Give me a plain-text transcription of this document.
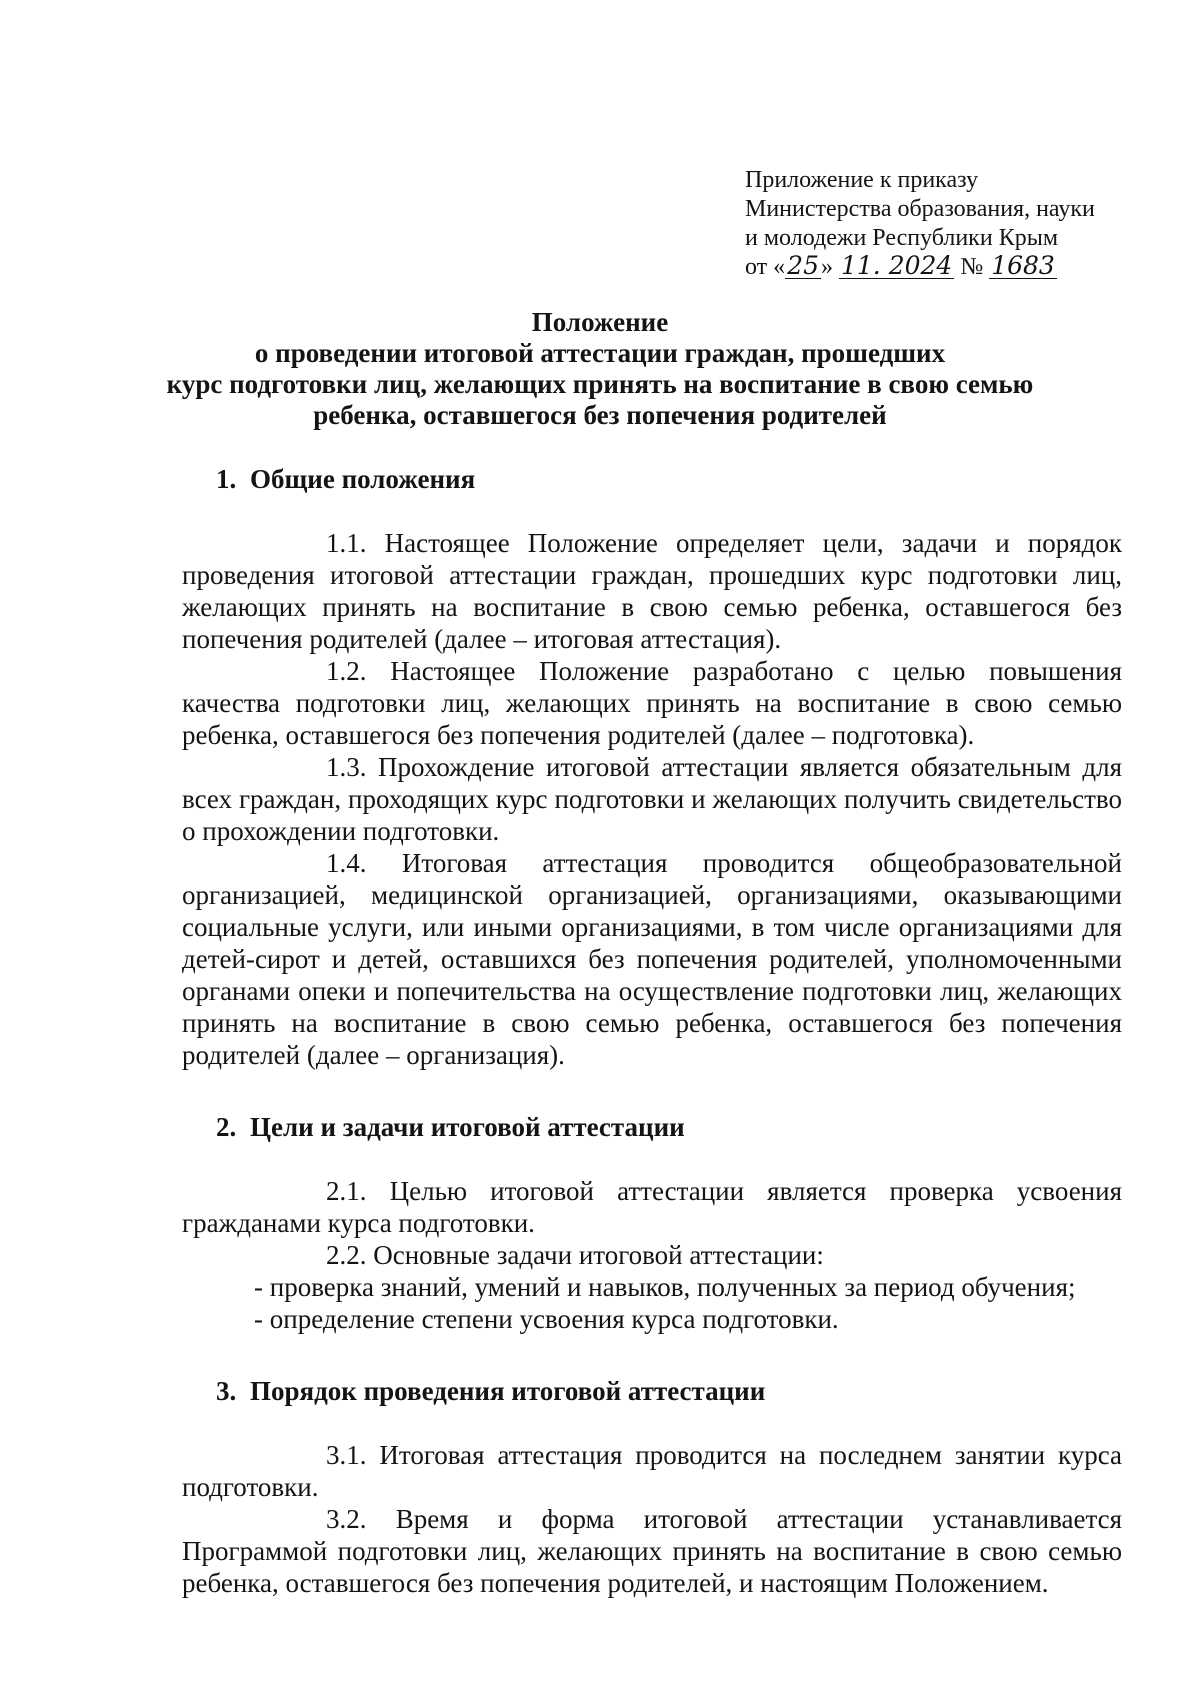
Приложение к приказу
Министерства образования, науки
и молодежи Республики Крым
от «25» 11. 2024 № 1683
Положение
о проведении итоговой аттестации граждан, прошедших
курс подготовки лиц, желающих принять на воспитание в свою семью
ребенка, оставшегося без попечения родителей
1. Общие положения

1.1. Настоящее Положение определяет цели, задачи и порядок проведения итоговой аттестации граждан, прошедших курс подготовки лиц, желающих принять на воспитание в свою семью ребенка, оставшегося без попечения родителей (далее – итоговая аттестация).

1.2. Настоящее Положение разработано с целью повышения качества подготовки лиц, желающих принять на воспитание в свою семью ребенка, оставшегося без попечения родителей (далее – подготовка).

1.3. Прохождение итоговой аттестации является обязательным для всех граждан, проходящих курс подготовки и желающих получить свидетельство о прохождении подготовки.

1.4. Итоговая аттестация проводится общеобразовательной организацией, медицинской организацией, организациями, оказывающими социальные услуги, или иными организациями, в том числе организациями для детей-сирот и детей, оставшихся без попечения родителей, уполномоченными органами опеки и попечительства на осуществление подготовки лиц, желающих принять на воспитание в свою семью ребенка, оставшегося без попечения родителей (далее – организация).

2. Цели и задачи итоговой аттестации

2.1. Целью итоговой аттестации является проверка усвоения гражданами курса подготовки.

2.2. Основные задачи итоговой аттестации:

- проверка знаний, умений и навыков, полученных за период обучения;

- определение степени усвоения курса подготовки.

3. Порядок проведения итоговой аттестации

3.1. Итоговая аттестация проводится на последнем занятии курса подготовки.

3.2. Время и форма итоговой аттестации устанавливается Программой подготовки лиц, желающих принять на воспитание в свою семью ребенка, оставшегося без попечения родителей, и настоящим Положением.
